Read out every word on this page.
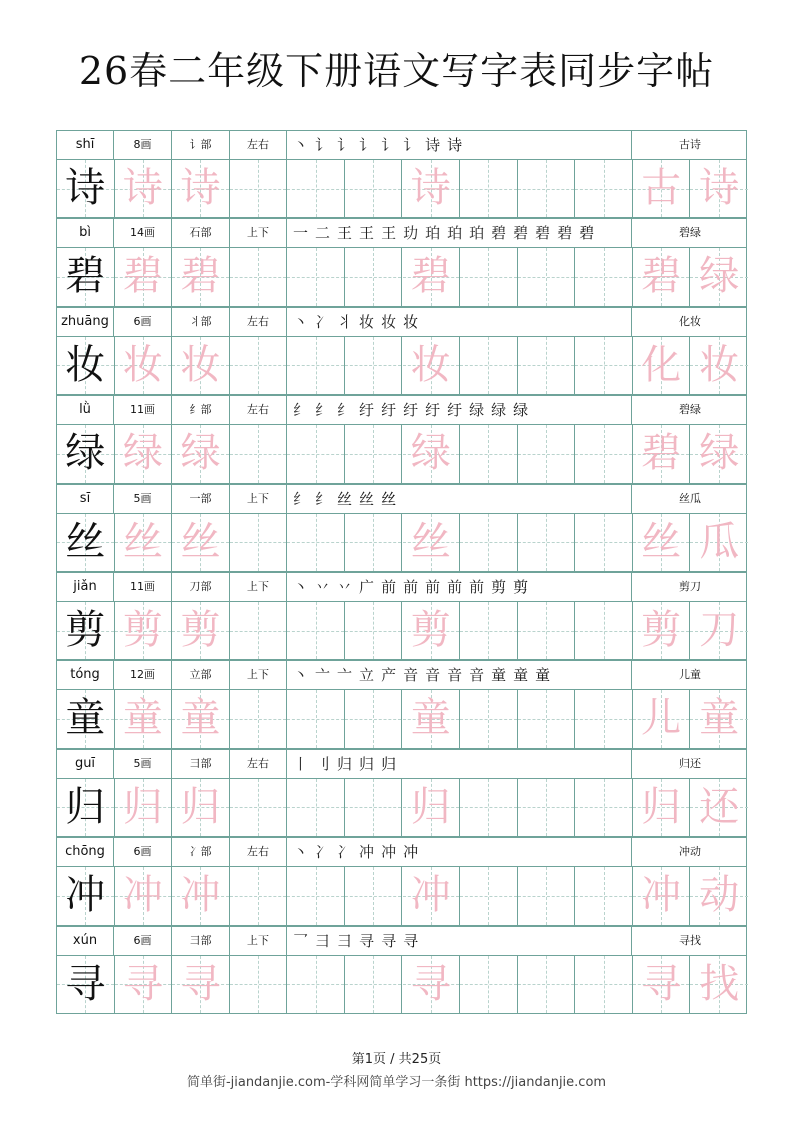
26春二年级下册语文写字表同步字帖
shī	8画	讠部	左右	丶 讠 讠 讠 讠 讠 诗 诗	古诗
诗 诗 诗	诗	古 诗
bì	14画	石部	上下	一 二 王 王 王 玏 珀 珀 珀 碧 碧 碧 碧 碧	碧绿
碧 碧 碧	碧	碧 绿
zhuāng	6画	丬部	左右	丶 冫 丬 妆 妆 妆	化妆
妆 妆 妆	妆	化 妆
lǜ	11画	纟部	左右	纟 纟 纟 纡 纡 纡 纡 纡 绿 绿 绿	碧绿
绿 绿 绿	绿	碧 绿
sī	5画	一部	上下	纟 纟 丝 丝 丝	丝瓜
丝 丝 丝	丝	丝 瓜
jiǎn	11画	刀部	上下	丶 丷 丷 广 前 前 前 前 前 剪 剪	剪刀
剪 剪 剪	剪	剪 刀
tóng	12画	立部	上下	丶 亠 亠 立 产 音 音 音 音 童 童 童	儿童
童 童 童	童	儿 童
guī	5画	彐部	左右	丨 刂 归 归 归	归还
归 归 归	归	归 还
chōng	6画	冫部	左右	丶 冫 冫 冲 冲 冲	冲动
冲 冲 冲	冲	冲 动
xún	6画	彐部	上下	乛 彐 彐 寻 寻 寻	寻找
寻 寻 寻	寻	寻 找
第1页 / 共25页
简单街-jiandanjie.com-学科网简单学习一条街 https://jiandanjie.com
